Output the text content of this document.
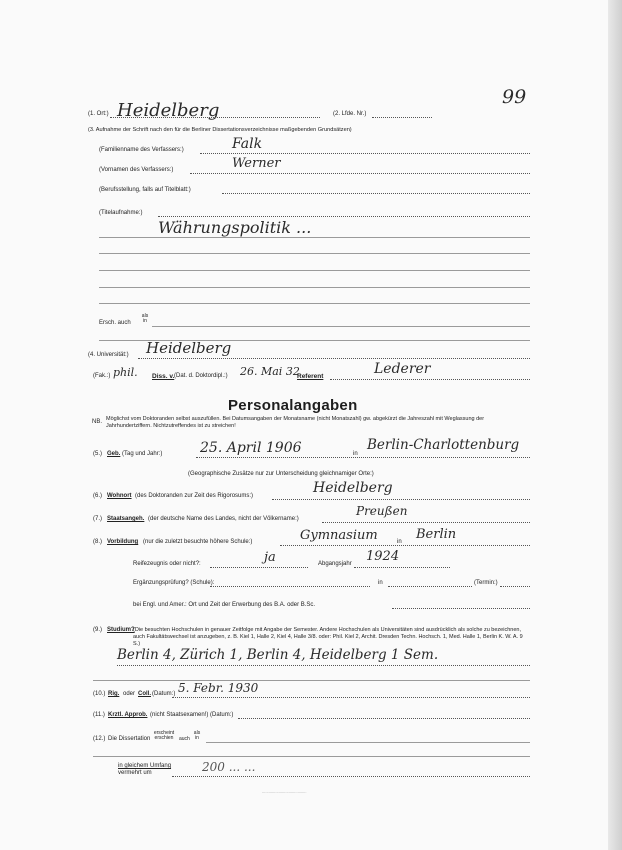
99
(1. Ort:) Heidelberg	(2. Lfde. Nr.)
(3. Aufnahme der Schrift nach den für die Berliner Dissertationsverzeichnisse maßgebenden Grundsätzen)
(Familienname des Verfassers:)	Falk
(Vornamen des Verfassers:)	Werner
(Berufsstellung, falls auf Titelblatt:)
(Titelaufnahme:)
Währungspolitik ...
Ersch. auch
als
in
(4. Universität:) Heidelberg
(Fak.:) phil. Diss. v. (Dat. d. Doktordipl.:) 26. Mai 32
Referent	Lederer
Personalangaben
NB. Möglichst vom Doktoranden selbst auszufüllen. Bei Datumsangaben der Monatsname (nicht Monatszahl) gw. abgekürzt die Jahreszahl mit Weglassung der Jahrhundertziffern. Nichtzutreffendes ist zu streichen!
(5.) Geb. (Tag und Jahr:)	25. April 1906	in
Berlin-Charlottenburg
(Geographische Zusätze nur zur Unterscheidung gleichnamiger Orte:)
(6.) Wohnort (des Doktoranden zur Zeit des Rigorosums:)	Heidelberg
(7.) Staatsangeh. (der deutsche Name des Landes, nicht der Völkername:)
Preußen
(8.) Vorbildung (nur die zuletzt besuchte höhere Schule:)	Gymnasium	in Berlin
Reifezeugnis oder nicht?:	ja	Abgangsjahr 1924
Ergänzungsprüfung? (Schule):	in	(Termin:)
bei Engl. und Amer.: Ort und Zeit der Erwerbung des B.A. oder B.Sc.
(9.) Studium?
(Die besuchten Hochschulen in genauer Zeitfolge mit Angabe der Semester. Andere Hochschulen als Universitäten sind ausdrücklich als solche zu bezeichnen, auch Fakultätswechsel ist anzugeben, z. B. Kiel 1, Halle 2, Kiel 4, Halle 3/8. oder: Phil. Kiel 2, Archit. Dresden Techn. Hochsch. 1, Med. Halle 1, Berlin K. W. A. 9 S.)
Berlin 4, Zürich 1, Berlin 4, Heidelberg 1 Sem.
(10.) Rig. oder Coll. (Datum:) 5. Febr. 1930
(11.) Krztl. Approb. (nicht Staatsexamen!) (Datum:)
(12.) Die Dissertation
erscheint
erschien	auch
als
in
in gleichem Umfang
vermehrt um	200 ... ...
........................................
